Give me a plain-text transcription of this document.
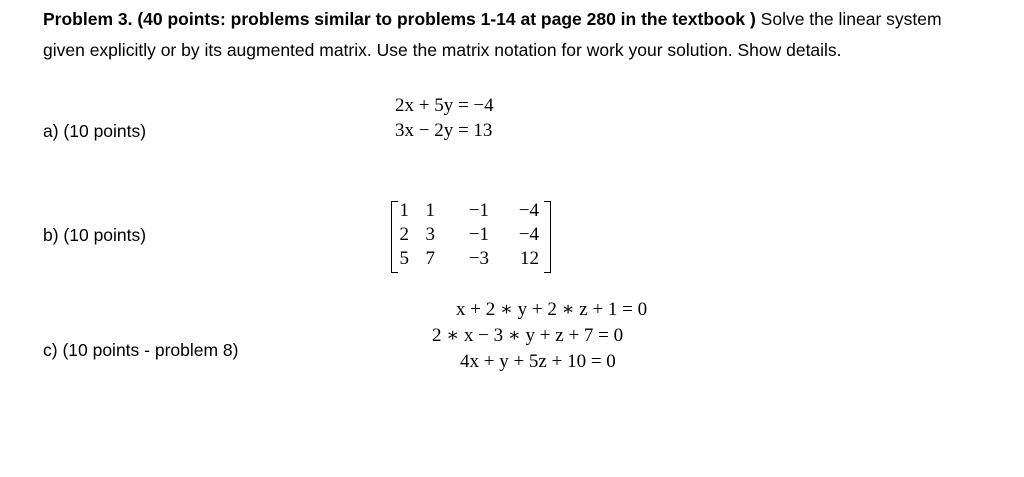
Problem 3. (40 points: problems similar to problems 1-14 at page 280 in the textbook ) Solve the linear system given explicitly or by its augmented matrix. Use the matrix notation for work your solution. Show details.
a) (10 points)
2x + 5y = −4
3x − 2y = 13
b) (10 points)
1 1	−1	−4
2 3	−1	−4
5 7	−3	12
c) (10 points - problem 8)
x + 2 ∗ y + 2 ∗ z + 1 = 0
2 ∗ x − 3 ∗ y + z + 7 = 0
4x + y + 5z + 10 = 0
